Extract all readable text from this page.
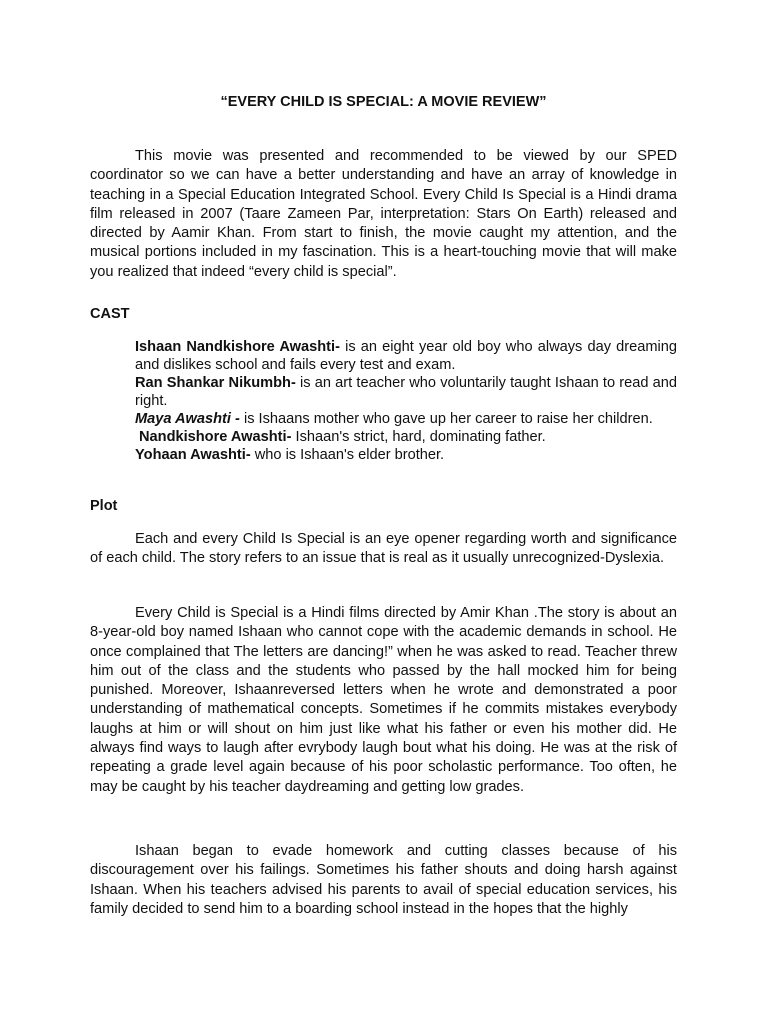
“EVERY CHILD IS SPECIAL: A MOVIE REVIEW”

This movie was presented and recommended to be viewed by our SPED coordinator so we can have a better understanding and have an array of knowledge in teaching in a Special Education Integrated School. Every Child Is Special is a Hindi drama film released in 2007 (Taare Zameen Par, interpretation: Stars On Earth) released and directed by Aamir Khan. From start to finish, the movie caught my attention, and the musical portions included in my fascination. This is a heart-touching movie that will make you realized that indeed “every child is special”.

CAST
Ishaan Nandkishore Awashti- is an eight year old boy who always day dreaming and dislikes school and fails every test and exam.
Ran Shankar Nikumbh- is an art teacher who voluntarily taught Ishaan to read and right.
Maya Awashti - is Ishaans mother who gave up her career to raise her children.
Nandkishore Awashti- Ishaan's strict, hard, dominating father.
Yohaan Awashti- who is Ishaan's elder brother.
Plot

Each and every Child Is Special is an eye opener regarding worth and significance of each child. The story refers to an issue that is real as it usually unrecognized-Dyslexia.

Every Child is Special is a Hindi films directed by Amir Khan .The story is about an 8-year-old boy named Ishaan who cannot cope with the academic demands in school. He once complained that The letters are dancing!” when he was asked to read. Teacher threw him out of the class and the students who passed by the hall mocked him for being punished. Moreover, Ishaanreversed letters when he wrote and demonstrated a poor understanding of mathematical concepts. Sometimes if he commits mistakes everybody laughs at him or will shout on him just like what his father or even his mother did. He always find ways to laugh after evrybody laugh bout what his doing. He was at the risk of repeating a grade level again because of his poor scholastic performance. Too often, he may be caught by his teacher daydreaming and getting low grades.

Ishaan began to evade homework and cutting classes because of his discouragement over his failings. Sometimes his father shouts and doing harsh against Ishaan. When his teachers advised his parents to avail of special education services, his family decided to send him to a boarding school instead in the hopes that the highly
